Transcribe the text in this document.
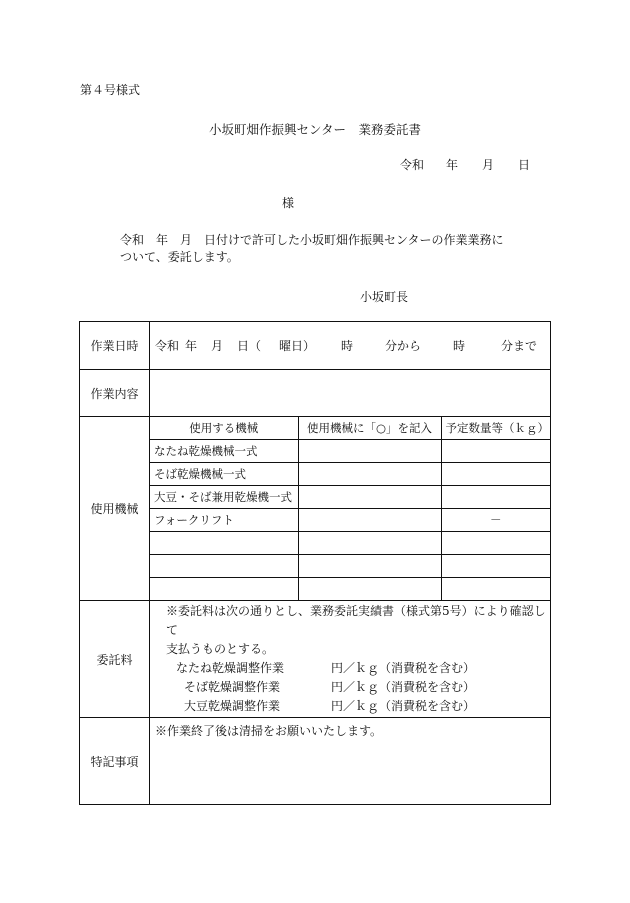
第４号様式
小坂町畑作振興センター　業務委託書
令和 年 月 日
様
令和　年　月　日付けで許可した小坂町畑作振興センターの作業業務に
ついて、委託します。
小坂町長
作業日時	令和 年	月	日（	曜日）	時	分から	時	分まで

作業内容	
使用機械	
使用する機械	使用機械に「○」を記入	予定数量等（ｋｇ）
なたね乾燥機械一式		
そば乾燥機械一式		
大豆・そば兼用乾燥機一式		
フォークリフト		－

委託料	
※委託料は次の通りとし、業務委託実績書（様式第5号）により確認して
支払うものとする。
なたね乾燥調整作業	円／ｋｇ（消費税を含む）
そば乾燥調整作業	円／ｋｇ（消費税を含む）
大豆乾燥調整作業	円／ｋｇ（消費税を含む）

特記事項	※作業終了後は清掃をお願いいたします。
